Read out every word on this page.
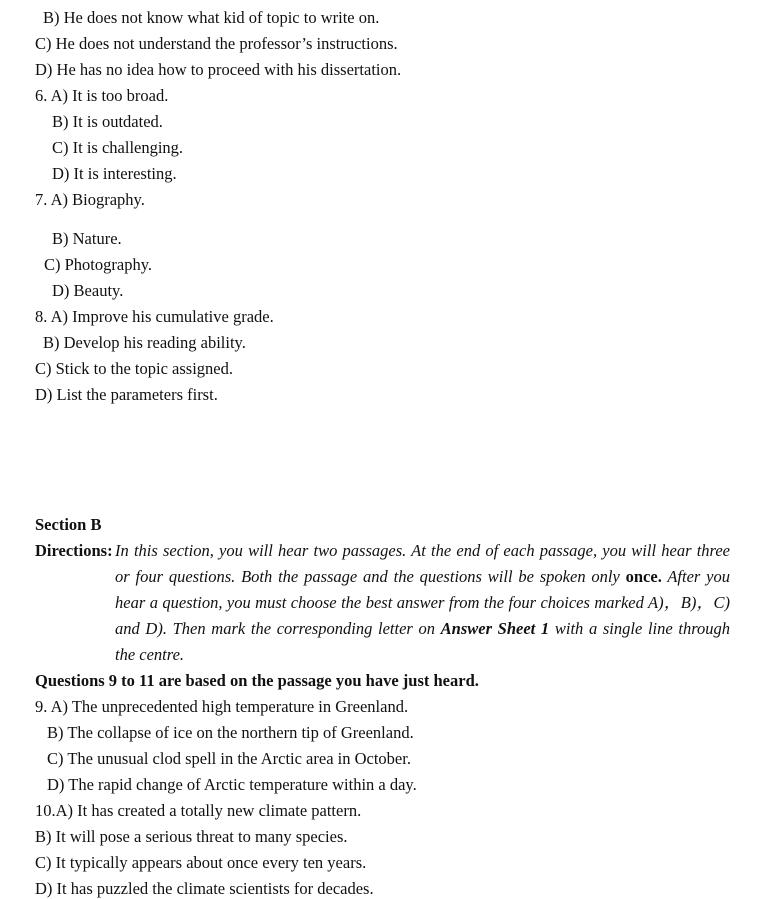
B) He does not know what kid of topic to write on.
C) He does not understand the professor’s instructions.
D) He has no idea how to proceed with his dissertation.
6. A) It is too broad.
B) It is outdated.
C) It is challenging.
D) It is interesting.
7. A) Biography.
B) Nature.
C) Photography.
D) Beauty.
8. A) Improve his cumulative grade.
B) Develop his reading ability.
C) Stick to the topic assigned.
D) List the parameters first.
Section B
Directions: In this section, you will hear two passages. At the end of each passage, you will hear three or four questions. Both the passage and the questions will be spoken only once. After you hear a question, you must choose the best answer from the four choices marked A)，B)，C) and D). Then mark the corresponding letter on Answer Sheet 1 with a single line through the centre.
Questions 9 to 11 are based on the passage you have just heard.
9. A) The unprecedented high temperature in Greenland.
B) The collapse of ice on the northern tip of Greenland.
C) The unusual clod spell in the Arctic area in October.
D) The rapid change of Arctic temperature within a day.
10.A) It has created a totally new climate pattern.
B) It will pose a serious threat to many species.
C) It typically appears about once every ten years.
D) It has puzzled the climate scientists for decades.
